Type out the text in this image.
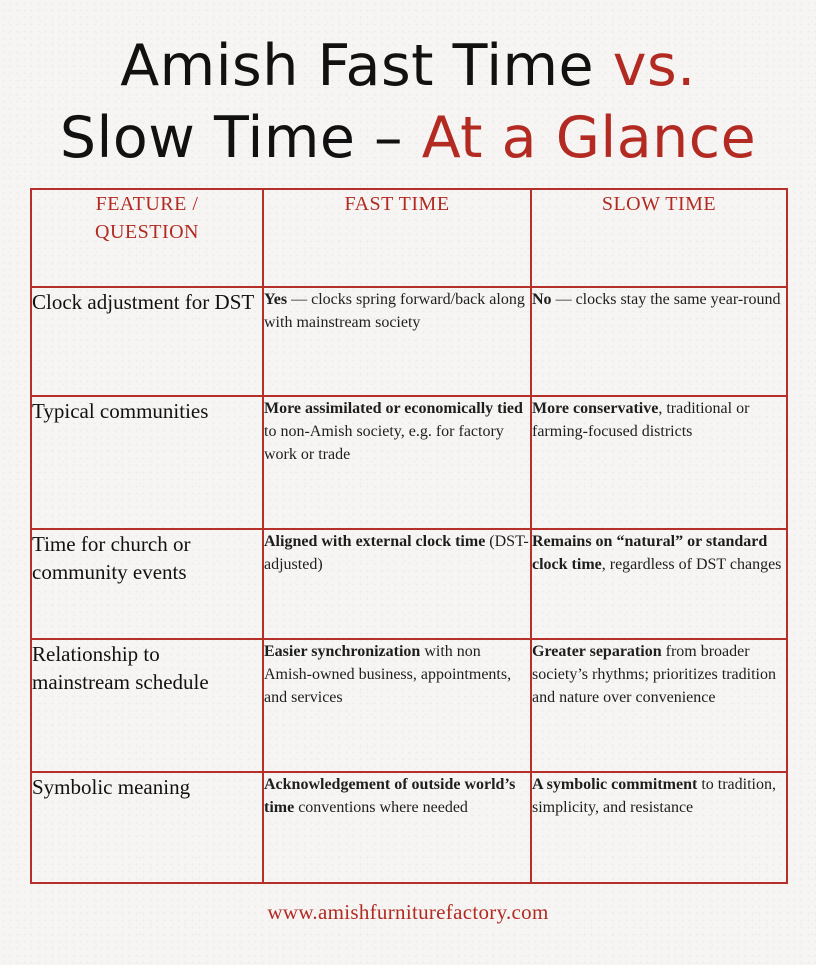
Amish Fast Time vs.
Slow Time – At a Glance
FEATURE / QUESTION	FAST TIME	SLOW TIME
Clock adjustment for DST	Yes — clocks spring forward/back along with mainstream society	No — clocks stay the same year-round
Typical communities	More assimilated or economically tied to non-Amish society, e.g. for factory work or trade	More conservative, traditional or farming-focused districts
Time for church or community events	Aligned with external clock time (DST-adjusted)	Remains on “natural” or standard clock time, regardless of DST changes
Relationship to mainstream schedule	Easier synchronization with non Amish-owned business, appointments, and services	Greater separation from broader society’s rhythms; prioritizes tradition and nature over convenience
Symbolic meaning	Acknowledgement of outside world’s time conventions where needed	A symbolic commitment to tradition, simplicity, and resistance
www.amishfurniturefactory.com
